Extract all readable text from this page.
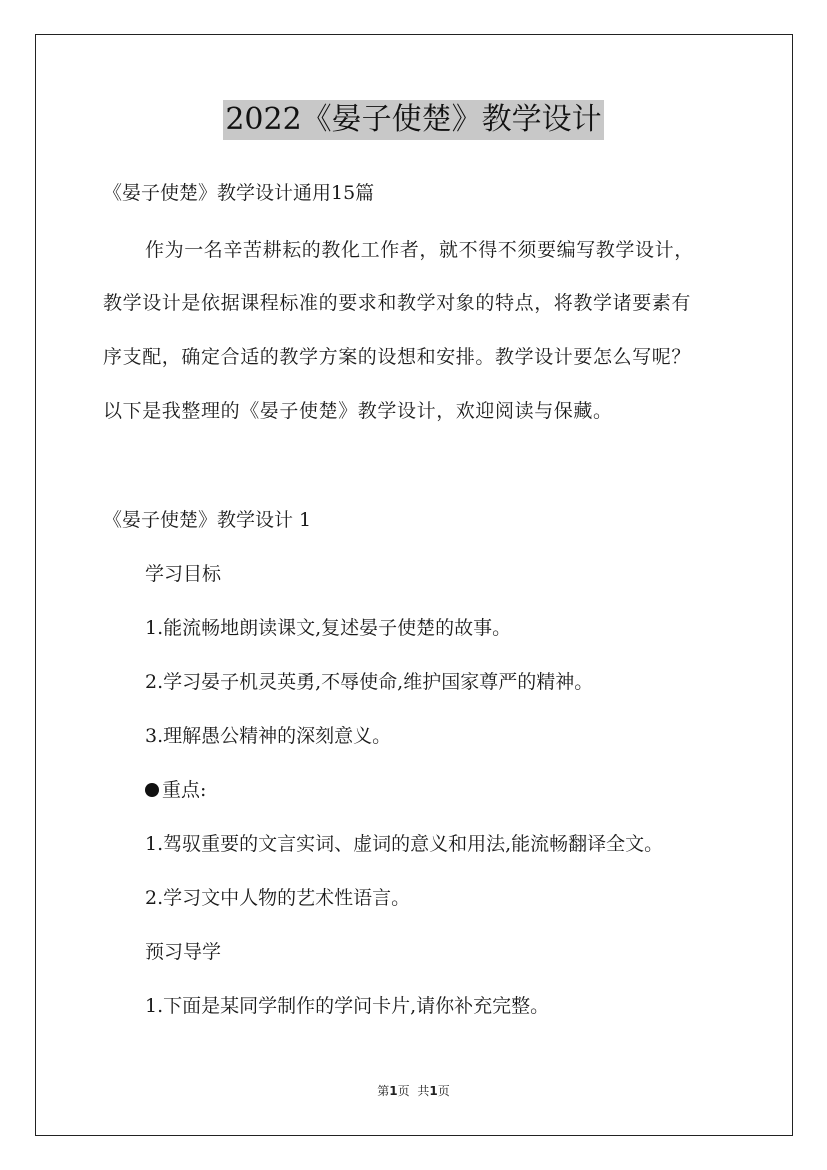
2022《晏子使楚》教学设计
《晏子使楚》教学设计通用15篇
作为一名辛苦耕耘的教化工作者，就不得不须要编写教学设计，
教学设计是依据课程标准的要求和教学对象的特点，将教学诸要素有
序支配，确定合适的教学方案的设想和安排。教学设计要怎么写呢？
以下是我整理的《晏子使楚》教学设计，欢迎阅读与保藏。
《晏子使楚》教学设计 1
学习目标
1.能流畅地朗读课文,复述晏子使楚的故事。
2.学习晏子机灵英勇,不辱使命,维护国家尊严的精神。
3.理解愚公精神的深刻意义。
重点:
1.驾驭重要的文言实词、虚词的意义和用法,能流畅翻译全文。
2.学习文中人物的艺术性语言。
预习导学
1.下面是某同学制作的学问卡片,请你补充完整。
第1页 共1页
